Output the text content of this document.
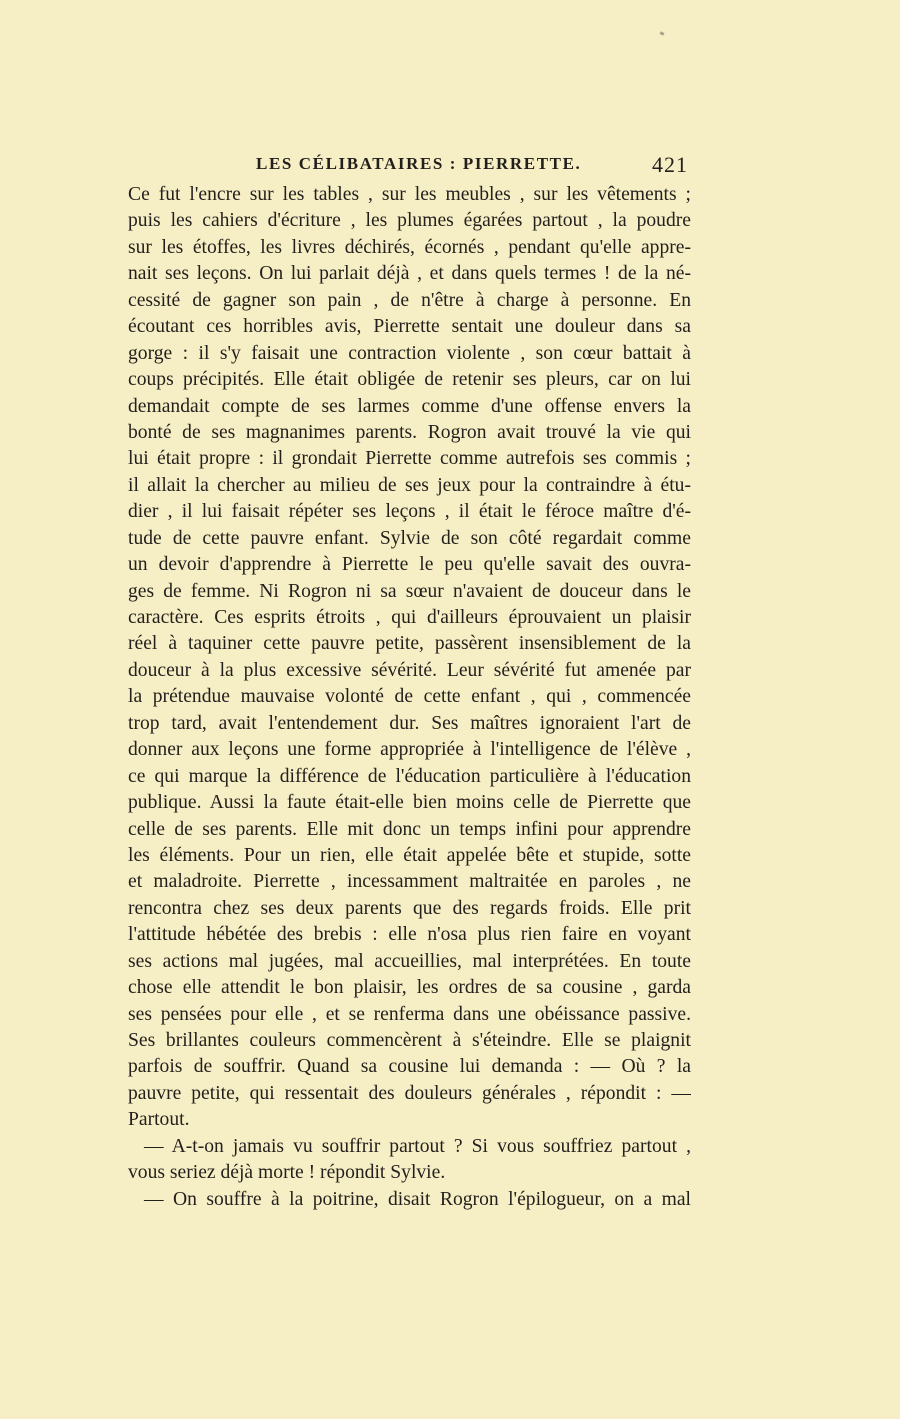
LES CÉLIBATAIRES : PIERRETTE.	421
Ce fut l'encre sur les tables , sur les meubles , sur les vêtements ;
puis les cahiers d'écriture , les plumes égarées partout , la poudre
sur les étoffes, les livres déchirés, écornés , pendant qu'elle appre-
nait ses leçons. On lui parlait déjà , et dans quels termes ! de la né-
cessité de gagner son pain , de n'être à charge à personne. En
écoutant ces horribles avis, Pierrette sentait une douleur dans sa
gorge : il s'y faisait une contraction violente , son cœur battait à
coups précipités. Elle était obligée de retenir ses pleurs, car on lui
demandait compte de ses larmes comme d'une offense envers la
bonté de ses magnanimes parents. Rogron avait trouvé la vie qui
lui était propre : il grondait Pierrette comme autrefois ses commis ;
il allait la chercher au milieu de ses jeux pour la contraindre à étu-
dier , il lui faisait répéter ses leçons , il était le féroce maître d'é-
tude de cette pauvre enfant. Sylvie de son côté regardait comme
un devoir d'apprendre à Pierrette le peu qu'elle savait des ouvra-
ges de femme. Ni Rogron ni sa sœur n'avaient de douceur dans le
caractère. Ces esprits étroits , qui d'ailleurs éprouvaient un plaisir
réel à taquiner cette pauvre petite, passèrent insensiblement de la
douceur à la plus excessive sévérité. Leur sévérité fut amenée par
la prétendue mauvaise volonté de cette enfant , qui , commencée
trop tard, avait l'entendement dur. Ses maîtres ignoraient l'art de
donner aux leçons une forme appropriée à l'intelligence de l'élève ,
ce qui marque la différence de l'éducation particulière à l'éducation
publique. Aussi la faute était-elle bien moins celle de Pierrette que
celle de ses parents. Elle mit donc un temps infini pour apprendre
les éléments. Pour un rien, elle était appelée bête et stupide, sotte
et maladroite. Pierrette , incessamment maltraitée en paroles , ne
rencontra chez ses deux parents que des regards froids. Elle prit
l'attitude hébétée des brebis : elle n'osa plus rien faire en voyant
ses actions mal jugées, mal accueillies, mal interprétées. En toute
chose elle attendit le bon plaisir, les ordres de sa cousine , garda
ses pensées pour elle , et se renferma dans une obéissance passive.
Ses brillantes couleurs commencèrent à s'éteindre. Elle se plaignit
parfois de souffrir. Quand sa cousine lui demanda : — Où ? la
pauvre petite, qui ressentait des douleurs générales , répondit : —
Partout.
— A-t-on jamais vu souffrir partout ? Si vous souffriez partout ,
vous seriez déjà morte ! répondit Sylvie.
— On souffre à la poitrine, disait Rogron l'épilogueur, on a mal
